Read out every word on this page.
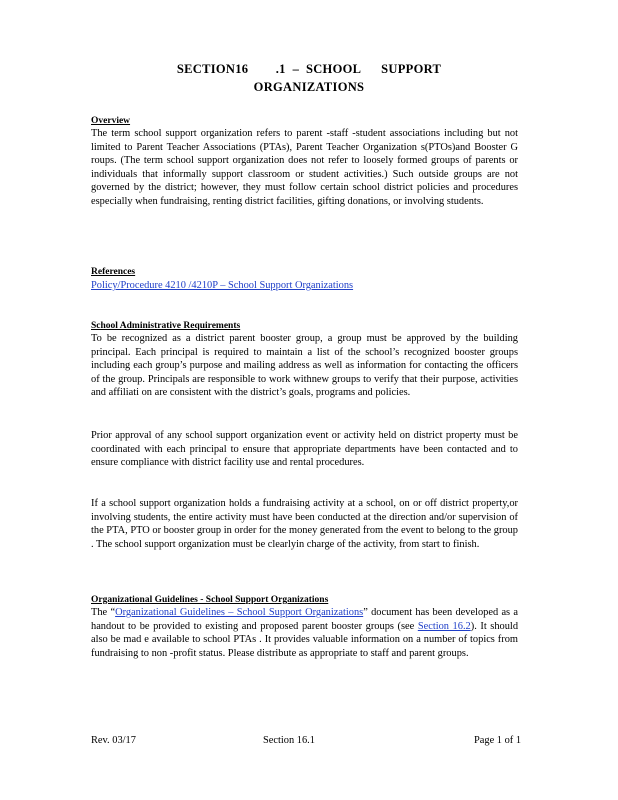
SECTION16        .1  –  SCHOOL      SUPPORT
ORGANIZATIONS
Overview
The term school support organization refers to parent -staff -student associations including but not limited to Parent Teacher Associations (PTAs), Parent Teacher Organization s(PTOs)and Booster G roups. (The term school support organization does not refer to loosely formed groups of parents or individuals that informally support classroom or student activities.) Such outside groups are not governed by the district; however, they must follow certain school district policies and procedures especially when fundraising, renting district facilities, gifting donations, or involving students.
References
Policy/Procedure 4210 /4210P – School Support Organizations
School Administrative Requirements
To be recognized as a district parent booster group, a group must be approved by the building principal. Each principal is required to maintain a list of the school’s recognized booster groups including each group’s purpose and mailing address as well as information for contacting the officers of the group. Principals are responsible to work withnew groups to verify that their purpose, activities and affiliati on are consistent with the district’s goals, programs and policies.
Prior approval of any school support organization event or activity held on district property must be coordinated with each principal to ensure that appropriate departments have been contacted and to ensure compliance with district facility use and rental procedures.
If a school support organization holds a fundraising activity at a school, on or off district property,or involving students, the entire activity must have been conducted at the direction and/or supervision of the PTA, PTO or booster group in order for the money generated from the event to belong to the group . The school support organization must be clearlyin charge of the activity, from start to finish.
Organizational Guidelines - School Support Organizations
The “Organizational Guidelines – School Support Organizations” document has been developed as a handout to be provided to existing and proposed parent booster groups (see Section 16.2). It should also be mad e available to school PTAs . It provides valuable information on a number of topics from fundraising to non -profit status. Please distribute as appropriate to staff and parent groups.
Rev. 03/17	Section 16.1	Page 1 of 1
